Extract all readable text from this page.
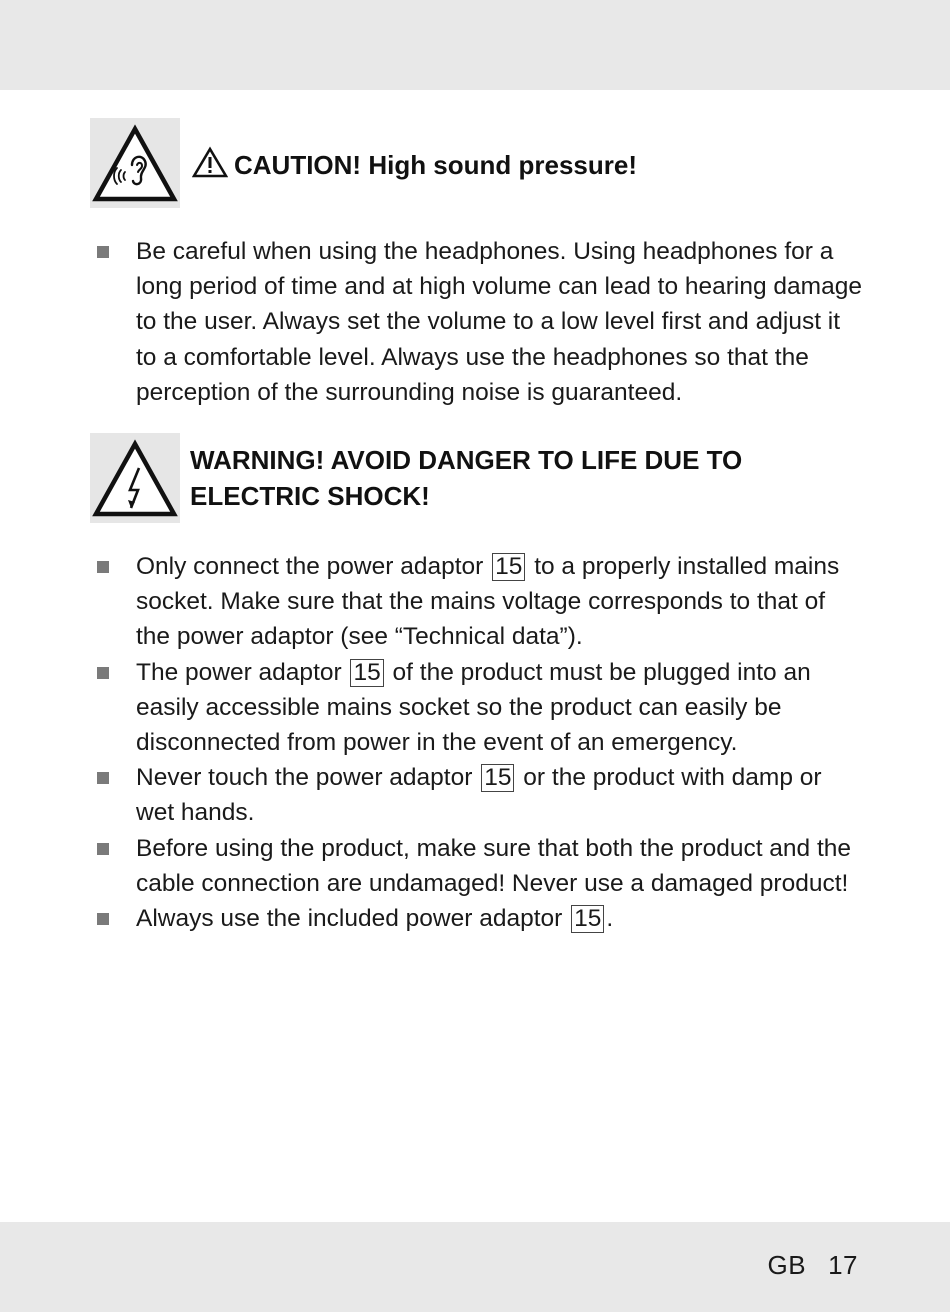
CAUTION! High sound pressure!
Be careful when using the headphones. Using headphones for a long period of time and at high volume can lead to hearing damage to the user. Always set the volume to a low level first and adjust it to a comfortable level. Always use the headphones so that the perception of the surrounding noise is guaranteed.
WARNING! AVOID DANGER TO LIFE DUE TO
ELECTRIC SHOCK!
Only connect the power adaptor 15 to a properly installed mains socket. Make sure that the mains voltage corresponds to that of the power adaptor (see “Technical data”).
The power adaptor 15 of the product must be plugged into an easily accessible mains socket so the product can easily be disconnected from power in the event of an emergency.
Never touch the power adaptor 15 or the product with damp or wet hands.
Before using the product, make sure that both the product and the cable connection are undamaged! Never use a damaged product!
Always use the included power adaptor 15 .
GB 17
